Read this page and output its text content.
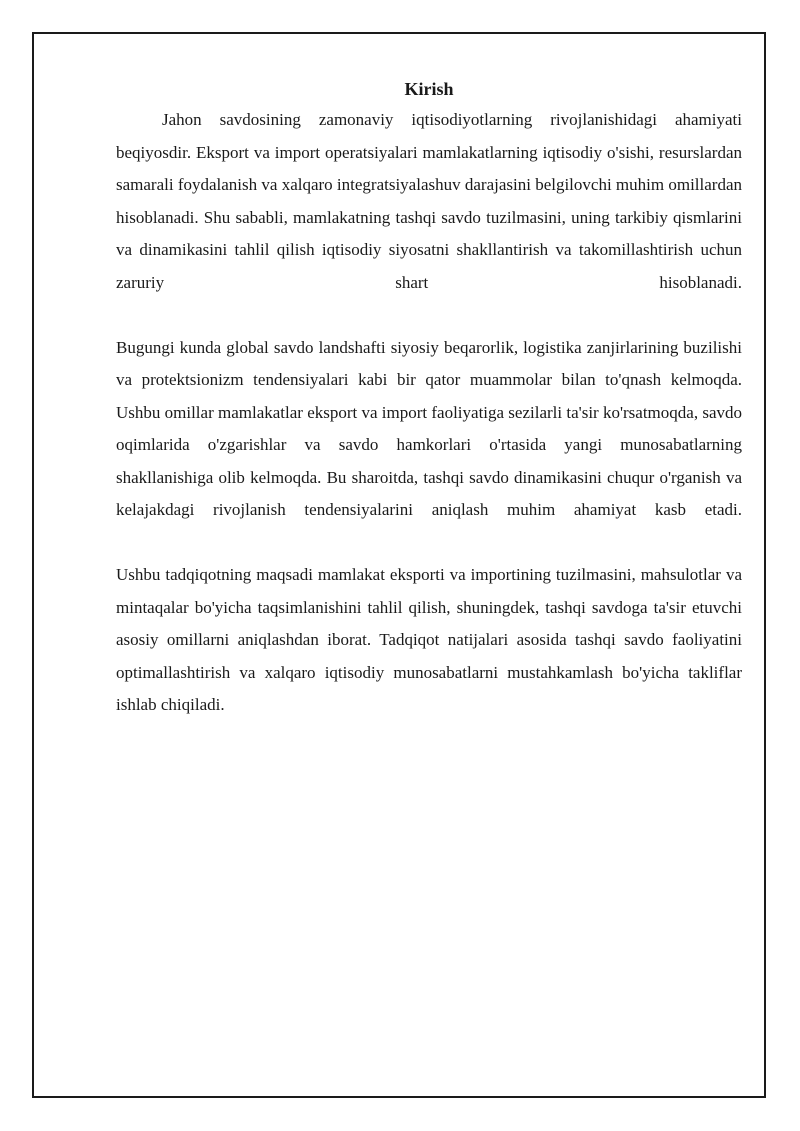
Kirish

Jahon savdosining zamonaviy iqtisodiyotlarning rivojlanishidagi ahamiyati beqiyosdir. Eksport va import operatsiyalari mamlakatlarning iqtisodiy o'sishi, resurslardan samarali foydalanish va xalqaro integratsiyalashuv darajasini belgilovchi muhim omillardan hisoblanadi. Shu sababli, mamlakatning tashqi savdo tuzilmasini, uning tarkibiy qismlarini va dinamikasini tahlil qilish iqtisodiy siyosatni shakllantirish va takomillashtirish uchun zaruriy shart hisoblanadi.

Bugungi kunda global savdo landshafti siyosiy beqarorlik, logistika zanjirlarining buzilishi va protektsionizm tendensiyalari kabi bir qator muammolar bilan to'qnash kelmoqda. Ushbu omillar mamlakatlar eksport va import faoliyatiga sezilarli ta'sir ko'rsatmoqda, savdo oqimlarida o'zgarishlar va savdo hamkorlari o'rtasida yangi munosabatlarning shakllanishiga olib kelmoqda. Bu sharoitda, tashqi savdo dinamikasini chuqur o'rganish va kelajakdagi rivojlanish tendensiyalarini aniqlash muhim ahamiyat kasb etadi.

Ushbu tadqiqotning maqsadi mamlakat eksporti va importining tuzilmasini, mahsulotlar va mintaqalar bo'yicha taqsimlanishini tahlil qilish, shuningdek, tashqi savdoga ta'sir etuvchi asosiy omillarni aniqlashdan iborat. Tadqiqot natijalari asosida tashqi savdo faoliyatini optimallashtirish va xalqaro iqtisodiy munosabatlarni mustahkamlash bo'yicha takliflar ishlab chiqiladi.
